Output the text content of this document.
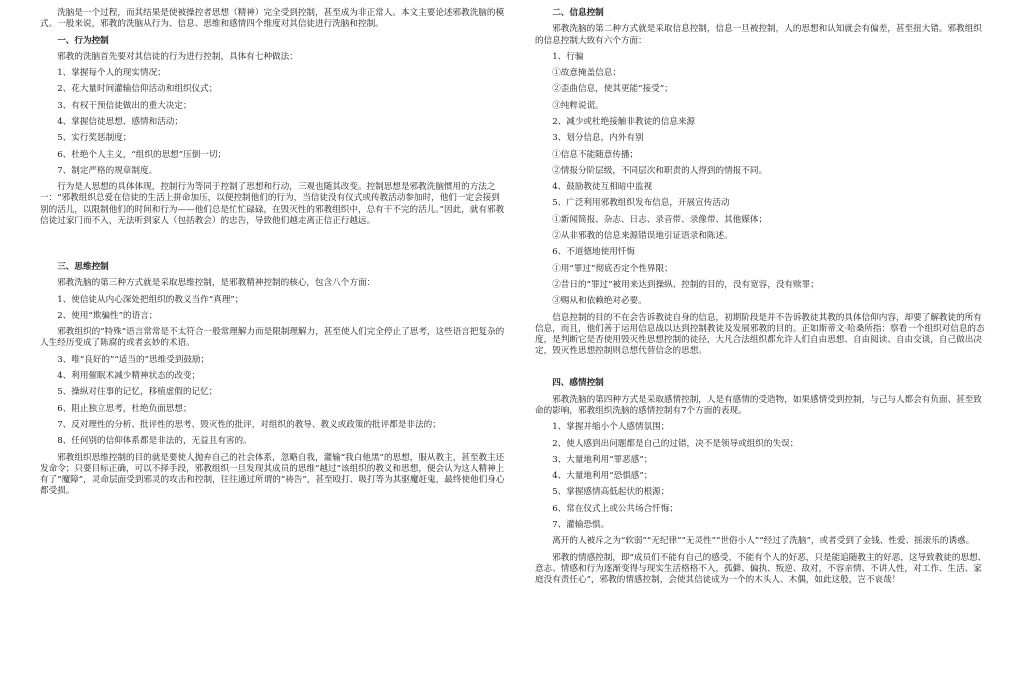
洗脑是一个过程，而其结果是使被操控者思想（精神）完全受到控制，甚至成为非正常人。本文主要论述邪教洗脑的模式。一般来说，邪教的洗脑从行为、信息、思维和感情四个维度对其信徒进行洗脑和控制。

一、行为控制

邪教的洗脑首先要对其信徒的行为进行控制，具体有七种做法：

1、掌握每个人的现实情况；

2、花大量时间灌输信仰活动和组织仪式；

3、有权干预信徒做出的重大决定；

4、掌握信徒思想、感情和活动；

5、实行奖惩制度；

6、杜绝个人主义，“组织的思想”压倒一切；

7、制定严格的规章制度。

行为是人思想的具体体现，控制行为等同于控制了思想和行动，三观也随其改变。控制思想是邪教洗脑惯用的方法之一：“邪教组织总爱在信徒的生活上拼命加压，以便控制他们的行为，当信徒没有仪式或传教活动参加时，他们一定会接到别的活儿，以限制他们的时间和行为——他们总是忙忙碌碌，在毁灭性的邪教组织中，总有干不完的活儿。”因此，就有邪教信徒过家门而不入，无法听到家人（包括教会）的忠告，导致他们越走离正信正行越远。

三、思维控制

邪教洗脑的第三种方式就是采取思维控制，是邪教精神控制的核心，包含八个方面：

1、使信徒从内心深处把组织的教义当作“真理”；

2、使用“欺骗性”的语言；

邪教组织的“特殊”语言常常是不太符合一般常理解力而是限制理解力，甚至使人们完全停止了思考，这些语言把复杂的人生经历变成了陈腐的或者玄妙的术语。

3、唯“良好的”“适当的”思维受到鼓励；

4、利用催眠术减少精神状态的改变；

5、操纵对往事的记忆，移植虚假的记忆；

6、阻止独立思考，杜绝负面思想；

7、反对理性的分析、批评性的思考、毁灭性的批评，对组织的教导、教义或政策的批评都是非法的；

8、任何别的信仰体系都是非法的，无益且有害的。

邪教组织思维控制的目的就是要使人抛弃自己的社会体系，忽略自我，灌输“我白他黑”的思想，服从教主，甚至教主还发命令；只要目标正确，可以不择手段，邪教组织一旦发现其成员的思维“越过”该组织的教义和思想，便会认为这人精神上有了“魔障”，灵命层面受到邪灵的攻击和控制，往往通过所谓的“祷告”，甚至殴打、吸打等为其驱魔赶鬼，最终使他们身心都受损。

二、信息控制

邪教洗脑的第二种方式就是采取信息控制，信息一旦被控制，人的思想和认知就会有偏差，甚至扭大错。邪教组织的信息控制大致有六个方面：

1、行骗

①故意掩盖信息；

②歪曲信息，使其更能“接受”；

③纯粹说谎。

2、减少或杜绝接触非教徒的信息来源

3、划分信息，内外有别

①信息不能随意传播；

②情报分阶层级，不同层次和职责的人得到的情报不同。

4、鼓励教徒互相暗中监视

5、广泛利用邪教组织发布信息，开展宣传活动

①新闻简报、杂志、日志、录音带、录像带、其他媒体；

②从非邪教的信息来源错误地引证语录和陈述。

6、不道德地使用忏悔

①用“罪过”彻底否定个性界限；

②昔日的“罪过”被用来达到操纵、控制的目的，没有宽容，没有赎罪；

③赐从和依赖绝对必要。

信息控制的目的不在会告诉教徒自身的信息，初期阶段是并不告诉教徒其教的具体信仰内容，却要了解教徒的所有信息，而且，他们善于运用信息战以达到控制教徒及发展邪教的目的。正如斯蒂文·哈桑所指：察看一个组织对信息的态度，是判断它是否使用毁灭性思想控制的徒径，大凡合法组织都允许人们自由思想、自由阅读、自由交谈，自己做出决定，毁灭性思想控制则总想代替信念的思想。

四、感情控制

邪教洗脑的第四种方式是采取感情控制，人是有感情的受造物，如果感情受到控制，与己与人都会有负面、甚至致命的影响，邪教组织洗脑的感情控制有7个方面的表现。

1、掌握并缩小个人感情氛围；

2、使人感到出问题都是自己的过错，决不是领导或组织的失误；

3、大量地利用“罪恶感”；

4、大量地利用“恐惧感”；

5、掌握感情高低起伏的根源；

6、常在仪式上或公共场合忏悔；

7、灌输恐惧。

离开的人被斥之为“软弱”“无纪律”“无灵性”“世俗小人”“经过了洗脑”，或者受到了金钱、性爱、摇滚乐的诱惑。

邪教的情感控制，即“成员们不能有自己的感受，不能有个人的好恶，只是能追随教主的好恶，这导致教徒的思想、意志、情感和行为逐渐变得与现实生活格格不入，孤僻、偏执、叛逆、敌对，不容亲情、不讲人性，对工作、生活、家庭没有责任心”，邪教的情感控制，会使其信徒成为一个的木头人、木偶，如此这般，岂不哀哉！
